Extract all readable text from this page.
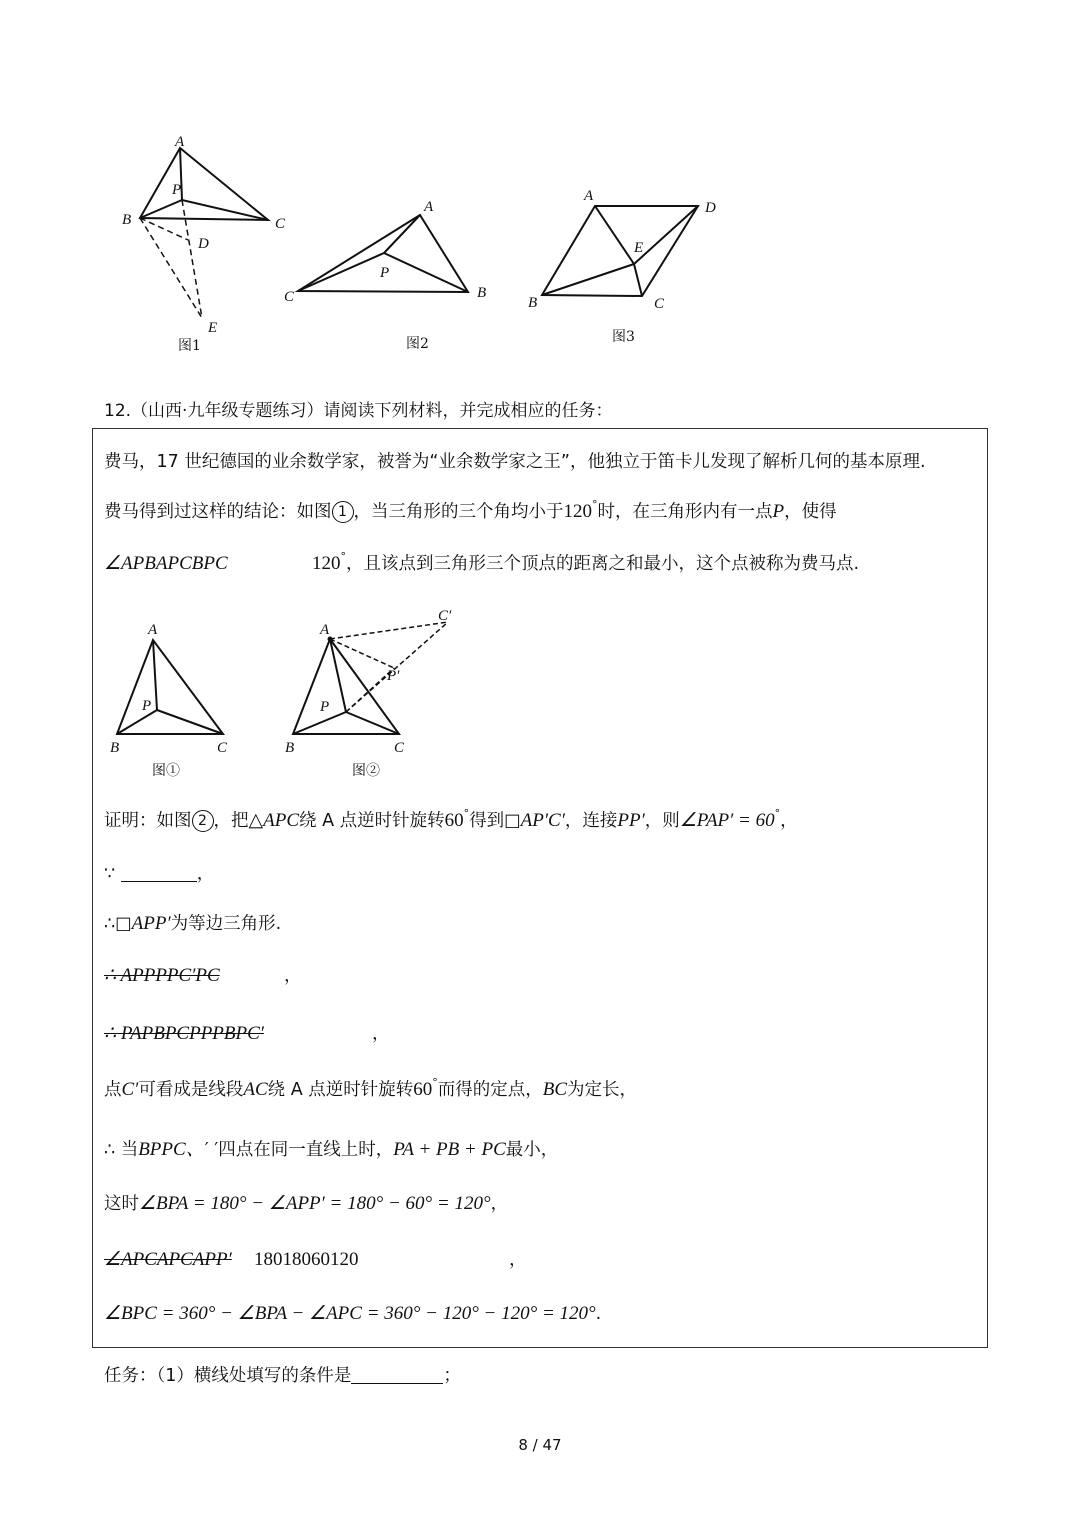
A
P
B	C
D
E
图1
A
P
C	B
图2
A
D
E
B	C
图3
12.（山西·九年级专题练习）请阅读下列材料，并完成相应的任务：
费马，17 世纪德国的业余数学家，被誉为“业余数学家之王”，他独立于笛卡儿发现了解析几何的基本原理.
费马得到过这样的结论：如图 1 ，当三角形的三个角均小于120°时，在三角形内有一点P，使得
∠APBAPCBPC	120°，且该点到三角形三个顶点的距离之和最小，这个点被称为费马点.
A
P
B	C
图①
A
C′
P′
P
B	C
图②
证明：如图 2 ，把△APC绕 A 点逆时针旋转60°得到□AP′C′，连接PP′，则∠PAP′ = 60°，
∵	，
∴□APP′为等边三角形.
∴ APPPPC′PC	，
∴ PAPBPCPPPBPC′	，
点C′可看成是线段AC绕 A 点逆时针旋转60°而得的定点，BC为定长，
∴ 当BPPC、′ ′四点在同一直线上时，PA + PB + PC最小，
这时∠BPA = 180° − ∠APP′ = 180° − 60° = 120°，
∠APCAPCAPP′ 18018060120	，
∠BPC = 360° − ∠BPA − ∠APC = 360° − 120° − 120° = 120°.
任务：（1）横线处填写的条件是	；
8 / 47
